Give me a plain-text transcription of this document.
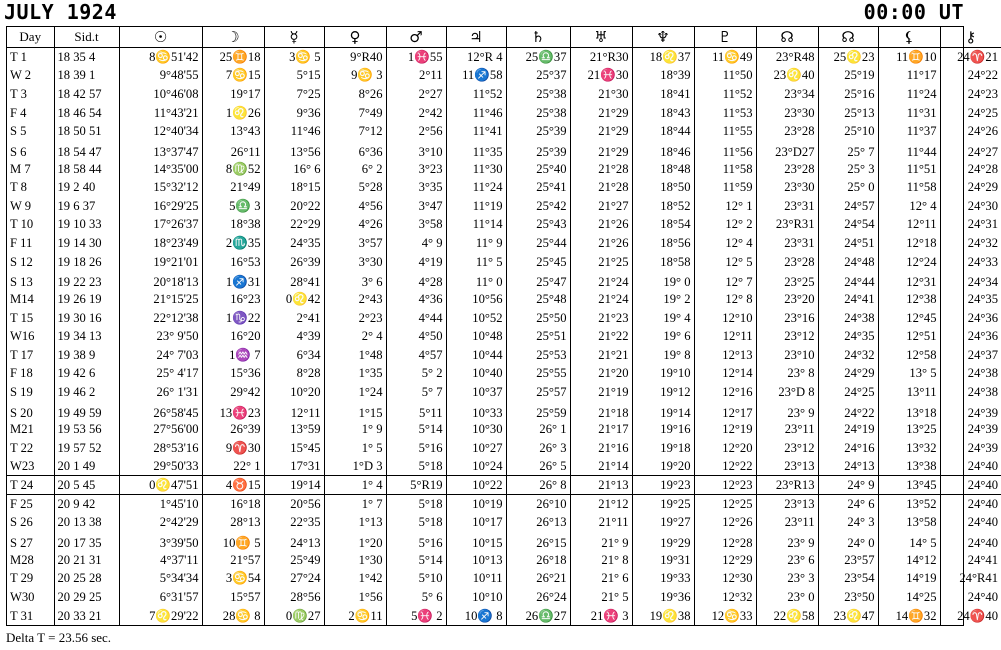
JULY 1924	00:00 UT
Day	Sid.t	☉	☽	☿	♀	♂	♃	♄	♅	♆	♇	☊	☊	⚸	⚷
T 1	18 35 4	8♋51'42	25♊18	3♋ 5	9°R40	1♓55	12°R 4	25♎37	21°R30	18♌37	11♋49	23°R48	25♌23	11♊10	24♈21
W 2	18 39 1	9°48'55	7♋15	5°15	9♋ 3	2°11	11♐58	25°37	21♓30	18°39	11°50	23♌40	25°19	11°17	24°22
T 3	18 42 57	10°46'08	19°17	7°25	8°26	2°27	11°52	25°38	21°30	18°41	11°52	23°34	25°16	11°24	24°23
F 4	18 46 54	11°43'21	1♌26	9°36	7°49	2°42	11°46	25°38	21°29	18°43	11°53	23°30	25°13	11°31	24°25
S 5	18 50 51	12°40'34	13°43	11°46	7°12	2°56	11°41	25°39	21°29	18°44	11°55	23°28	25°10	11°37	24°26
S 6	18 54 47	13°37'47	26°11	13°56	6°36	3°10	11°35	25°39	21°29	18°46	11°56	23°D27	25° 7	11°44	24°27
M 7	18 58 44	14°35'00	8♍52	16° 6	6° 2	3°23	11°30	25°40	21°28	18°48	11°58	23°28	25° 3	11°51	24°28
T 8	19 2 40	15°32'12	21°49	18°15	5°28	3°35	11°24	25°41	21°28	18°50	11°59	23°30	25° 0	11°58	24°29
W 9	19 6 37	16°29'25	5♎ 3	20°22	4°56	3°47	11°19	25°42	21°27	18°52	12° 1	23°31	24°57	12° 4	24°30
T 10	19 10 33	17°26'37	18°38	22°29	4°26	3°58	11°14	25°43	21°26	18°54	12° 2	23°R31	24°54	12°11	24°31
F 11	19 14 30	18°23'49	2♏35	24°35	3°57	4° 9	11° 9	25°44	21°26	18°56	12° 4	23°31	24°51	12°18	24°32
S 12	19 18 26	19°21'01	16°53	26°39	3°30	4°19	11° 5	25°45	21°25	18°58	12° 5	23°28	24°48	12°24	24°33
S 13	19 22 23	20°18'13	1♐31	28°41	3° 6	4°28	11° 0	25°47	21°24	19° 0	12° 7	23°25	24°44	12°31	24°34
M14	19 26 19	21°15'25	16°23	0♌42	2°43	4°36	10°56	25°48	21°24	19° 2	12° 8	23°20	24°41	12°38	24°35
T 15	19 30 16	22°12'38	1♑22	2°41	2°23	4°44	10°52	25°50	21°23	19° 4	12°10	23°16	24°38	12°45	24°36
W16	19 34 13	23° 9'50	16°20	4°39	2° 4	4°50	10°48	25°51	21°22	19° 6	12°11	23°12	24°35	12°51	24°36
T 17	19 38 9	24° 7'03	1♒ 7	6°34	1°48	4°57	10°44	25°53	21°21	19° 8	12°13	23°10	24°32	12°58	24°37
F 18	19 42 6	25° 4'17	15°36	8°28	1°35	5° 2	10°40	25°55	21°20	19°10	12°14	23° 8	24°29	13° 5	24°38
S 19	19 46 2	26° 1'31	29°42	10°20	1°24	5° 7	10°37	25°57	21°19	19°12	12°16	23°D 8	24°25	13°11	24°38
S 20	19 49 59	26°58'45	13♓23	12°11	1°15	5°11	10°33	25°59	21°18	19°14	12°17	23° 9	24°22	13°18	24°39
M21	19 53 56	27°56'00	26°39	13°59	1° 9	5°14	10°30	26° 1	21°17	19°16	12°19	23°11	24°19	13°25	24°39
T 22	19 57 52	28°53'16	9♈30	15°45	1° 5	5°16	10°27	26° 3	21°16	19°18	12°20	23°12	24°16	13°32	24°39
W23	20 1 49	29°50'33	22° 1	17°31	1°D 3	5°18	10°24	26° 5	21°14	19°20	12°22	23°13	24°13	13°38	24°40
T 24	20 5 45	0♌47'51	4♉15	19°14	1° 4	5°R19	10°22	26° 8	21°13	19°23	12°23	23°R13	24° 9	13°45	24°40
F 25	20 9 42	1°45'10	16°18	20°56	1° 7	5°18	10°19	26°10	21°12	19°25	12°25	23°13	24° 6	13°52	24°40
S 26	20 13 38	2°42'29	28°13	22°35	1°13	5°18	10°17	26°13	21°11	19°27	12°26	23°11	24° 3	13°58	24°40
S 27	20 17 35	3°39'50	10♊ 5	24°13	1°20	5°16	10°15	26°15	21° 9	19°29	12°28	23° 9	24° 0	14° 5	24°40
M28	20 21 31	4°37'11	21°57	25°49	1°30	5°14	10°13	26°18	21° 8	19°31	12°29	23° 6	23°57	14°12	24°41
T 29	20 25 28	5°34'34	3♋54	27°24	1°42	5°10	10°11	26°21	21° 6	19°33	12°30	23° 3	23°54	14°19	24°R41
W30	20 29 25	6°31'57	15°57	28°56	1°56	5° 6	10°10	26°24	21° 5	19°36	12°32	23° 0	23°50	14°25	24°40
T 31	20 33 21	7♌29'22	28♋ 8	0♍27	2♋11	5♓ 2	10♐ 8	26♎27	21♓ 3	19♌38	12♋33	22♌58	23♌47	14♊32	24♈40
Delta T = 23.56 sec.
